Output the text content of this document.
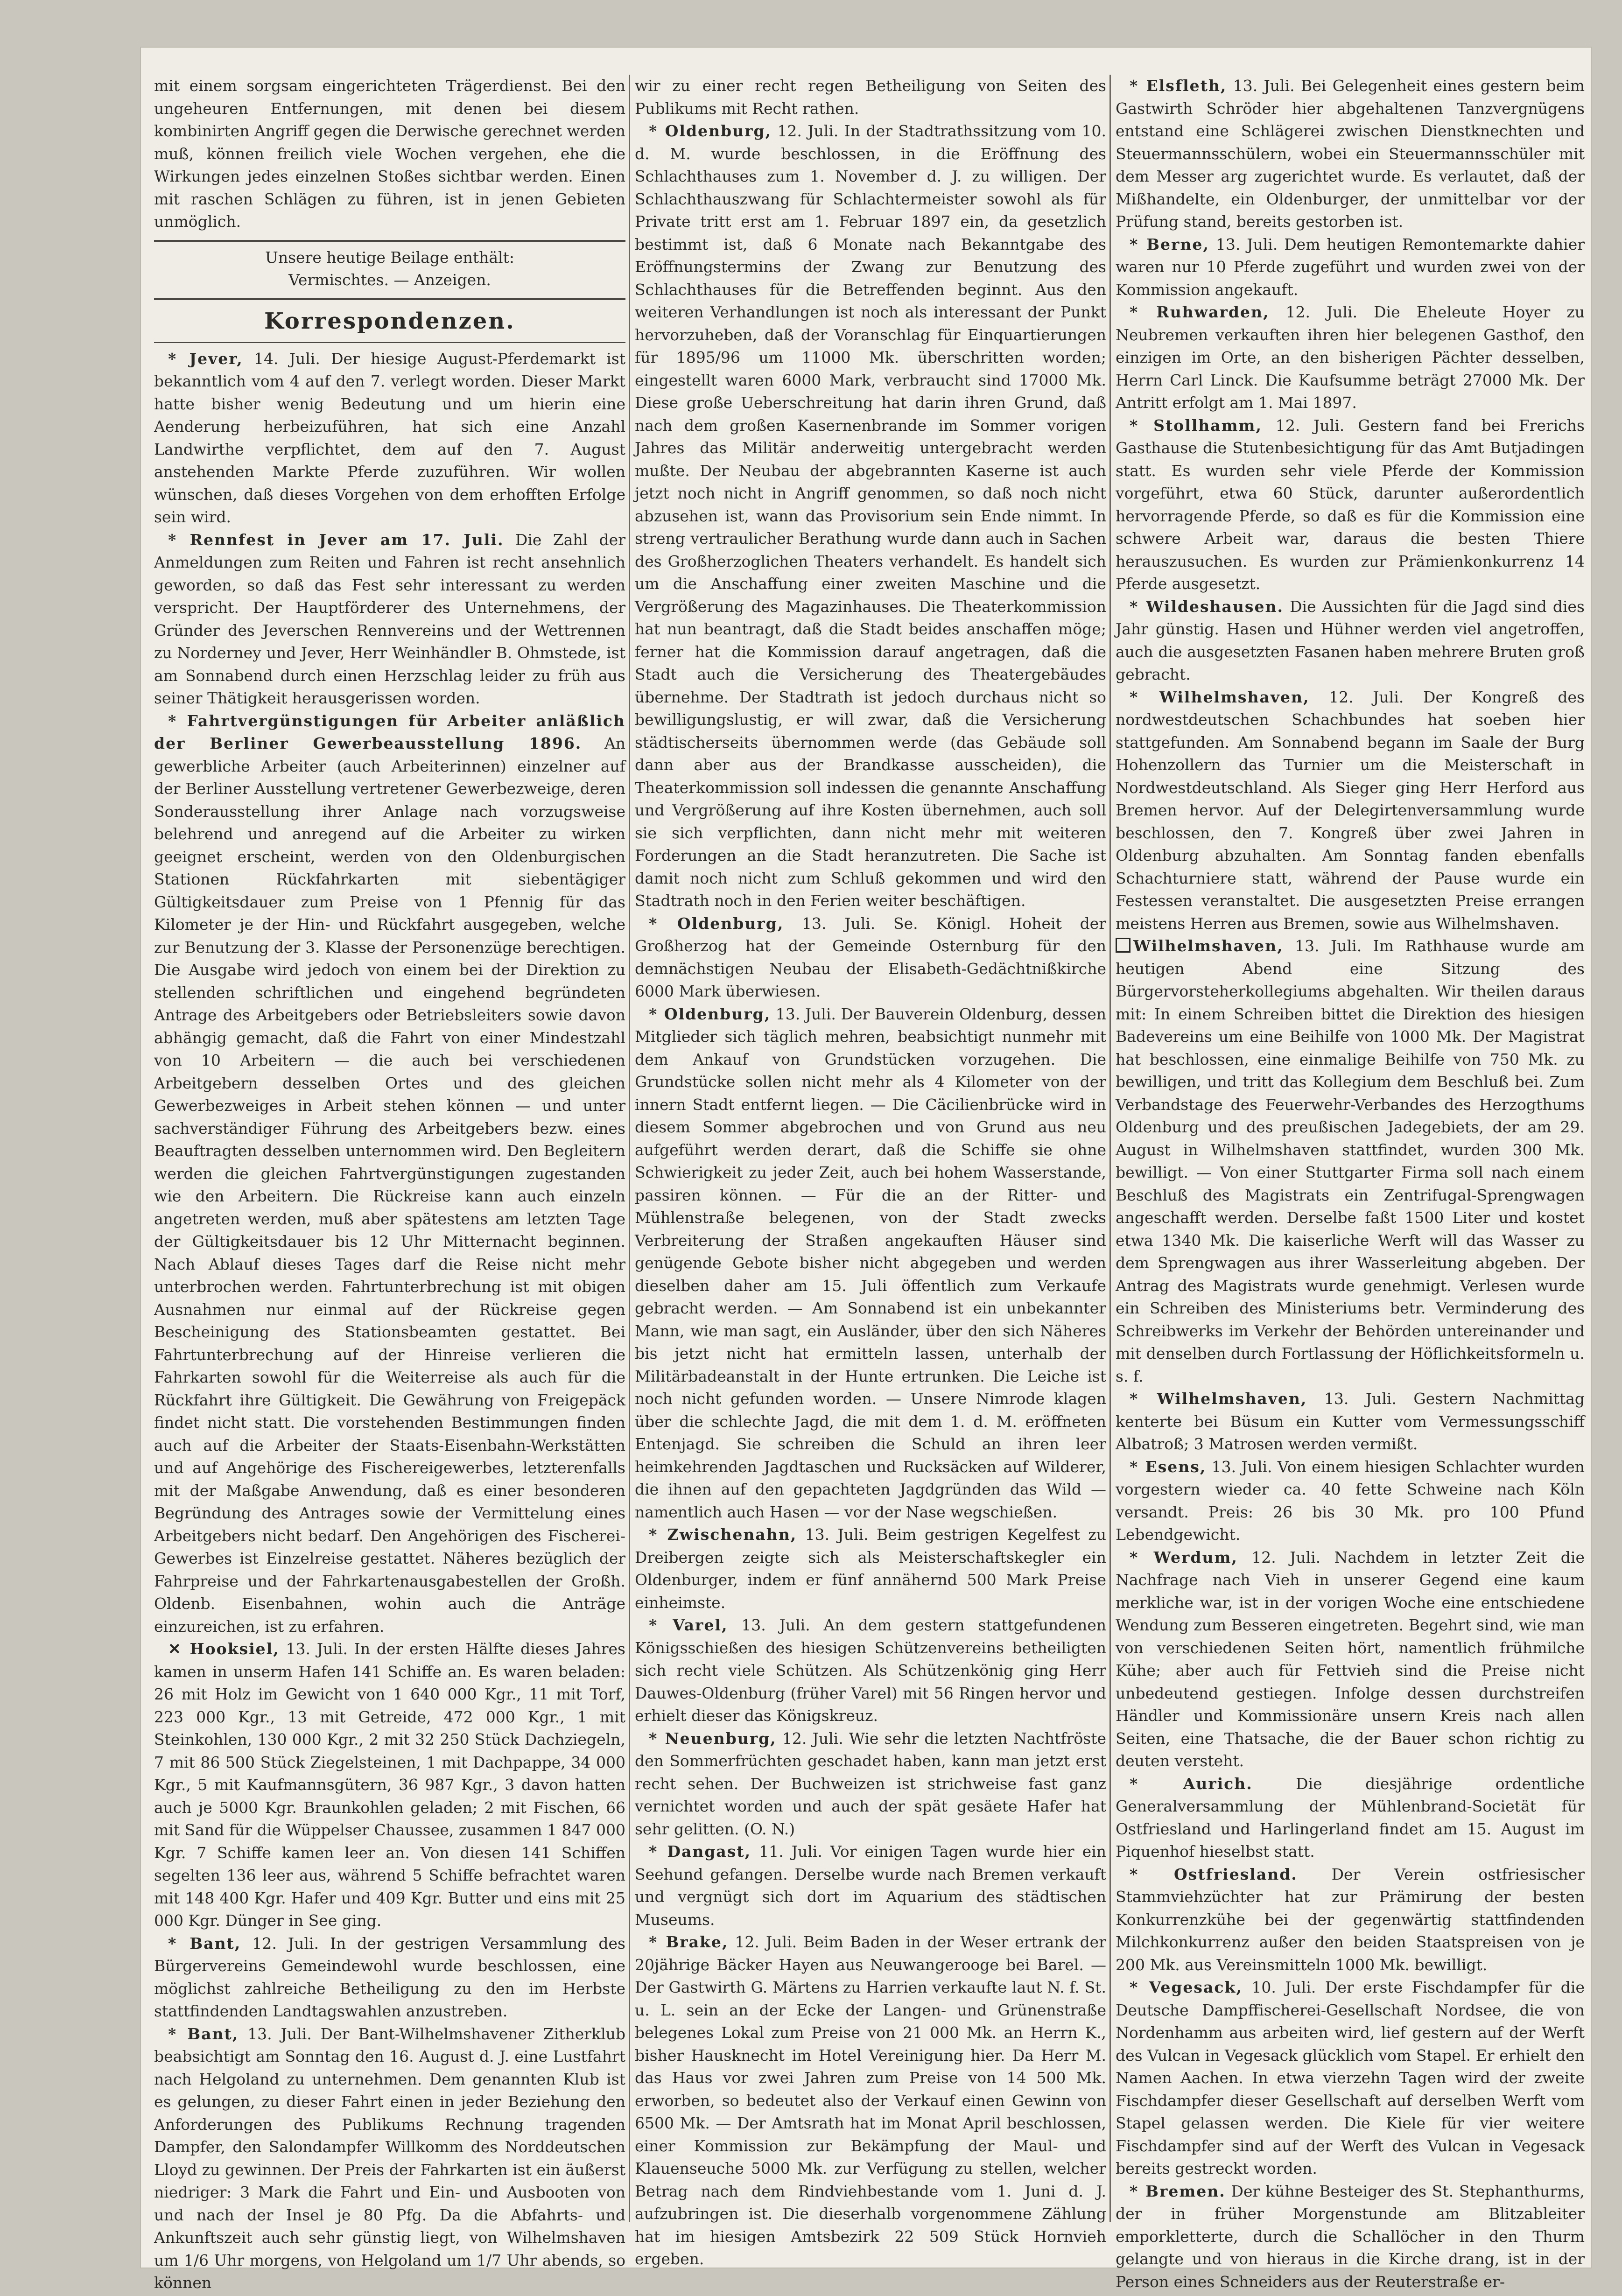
mit einem sorgsam eingerichteten Trägerdienst. Bei den ungeheuren Entfernungen, mit denen bei diesem kombinirten Angriff gegen die Derwische gerechnet werden muß, können freilich viele Wochen vergehen, ehe die Wirkungen jedes einzelnen Stoßes sichtbar werden. Einen mit raschen Schlägen zu führen, ist in jenen Gebieten unmöglich.

Unsere heutige Beilage enthält:

Vermischtes. — Anzeigen.

Korrespondenzen.

* Jever, 14. Juli. Der hiesige August-Pferdemarkt ist bekanntlich vom 4 auf den 7. verlegt worden. Dieser Markt hatte bisher wenig Bedeutung und um hierin eine Aenderung herbeizuführen, hat sich eine Anzahl Landwirthe verpflichtet, dem auf den 7. August anstehenden Markte Pferde zuzuführen. Wir wollen wünschen, daß dieses Vorgehen von dem erhofften Erfolge sein wird.

* Rennfest in Jever am 17. Juli. Die Zahl der Anmeldungen zum Reiten und Fahren ist recht ansehnlich geworden, so daß das Fest sehr interessant zu werden verspricht. Der Hauptförderer des Unternehmens, der Gründer des Jeverschen Rennvereins und der Wettrennen zu Norderney und Jever, Herr Weinhändler B. Ohmstede, ist am Sonnabend durch einen Herzschlag leider zu früh aus seiner Thätigkeit herausgerissen worden.

* Fahrtvergünstigungen für Arbeiter anläßlich der Berliner Gewerbeausstellung 1896. An gewerbliche Arbeiter (auch Arbeiterinnen) einzelner auf der Berliner Ausstellung vertretener Gewerbezweige, deren Sonderausstellung ihrer Anlage nach vorzugsweise belehrend und anregend auf die Arbeiter zu wirken geeignet erscheint, werden von den Oldenburgischen Stationen Rückfahrkarten mit siebentägiger Gültigkeitsdauer zum Preise von 1 Pfennig für das Kilometer je der Hin- und Rückfahrt ausgegeben, welche zur Benutzung der 3. Klasse der Personenzüge berechtigen. Die Ausgabe wird jedoch von einem bei der Direktion zu stellenden schriftlichen und eingehend begründeten Antrage des Arbeitgebers oder Betriebsleiters sowie davon abhängig gemacht, daß die Fahrt von einer Mindestzahl von 10 Arbeitern — die auch bei verschiedenen Arbeitgebern desselben Ortes und des gleichen Gewerbezweiges in Arbeit stehen können — und unter sachverständiger Führung des Arbeitgebers bezw. eines Beauftragten desselben unternommen wird. Den Begleitern werden die gleichen Fahrtvergünstigungen zugestanden wie den Arbeitern. Die Rückreise kann auch einzeln angetreten werden, muß aber spätestens am letzten Tage der Gültigkeitsdauer bis 12 Uhr Mitternacht beginnen. Nach Ablauf dieses Tages darf die Reise nicht mehr unterbrochen werden. Fahrtunterbrechung ist mit obigen Ausnahmen nur einmal auf der Rückreise gegen Bescheinigung des Stationsbeamten gestattet. Bei Fahrtunterbrechung auf der Hinreise verlieren die Fahrkarten sowohl für die Weiterreise als auch für die Rückfahrt ihre Gültigkeit. Die Gewährung von Freigepäck findet nicht statt. Die vorstehenden Bestimmungen finden auch auf die Arbeiter der Staats-Eisenbahn-Werkstätten und auf Angehörige des Fischereigewerbes, letzterenfalls mit der Maßgabe Anwendung, daß es einer besonderen Begründung des Antrages sowie der Vermittelung eines Arbeitgebers nicht bedarf. Den Angehörigen des Fischerei-Gewerbes ist Einzelreise gestattet. Näheres bezüglich der Fahrpreise und der Fahrkartenausgabestellen der Großh. Oldenb. Eisenbahnen, wohin auch die Anträge einzureichen, ist zu erfahren.

✕ Hooksiel, 13. Juli. In der ersten Hälfte dieses Jahres kamen in unserm Hafen 141 Schiffe an. Es waren beladen: 26 mit Holz im Gewicht von 1 640 000 Kgr., 11 mit Torf, 223 000 Kgr., 13 mit Getreide, 472 000 Kgr., 1 mit Steinkohlen, 130 000 Kgr., 2 mit 32 250 Stück Dachziegeln, 7 mit 86 500 Stück Ziegelsteinen, 1 mit Dachpappe, 34 000 Kgr., 5 mit Kaufmannsgütern, 36 987 Kgr., 3 davon hatten auch je 5000 Kgr. Braunkohlen geladen; 2 mit Fischen, 66 mit Sand für die Wüppelser Chaussee, zusammen 1 847 000 Kgr. 7 Schiffe kamen leer an. Von diesen 141 Schiffen segelten 136 leer aus, während 5 Schiffe befrachtet waren mit 148 400 Kgr. Hafer und 409 Kgr. Butter und eins mit 25 000 Kgr. Dünger in See ging.

* Bant, 12. Juli. In der gestrigen Versammlung des Bürgervereins Gemeindewohl wurde beschlossen, eine möglichst zahlreiche Betheiligung zu den im Herbste stattfindenden Landtagswahlen anzustreben.

* Bant, 13. Juli. Der Bant-Wilhelmshavener Zitherklub beabsichtigt am Sonntag den 16. August d. J. eine Lustfahrt nach Helgoland zu unternehmen. Dem genannten Klub ist es gelungen, zu dieser Fahrt einen in jeder Beziehung den Anforderungen des Publikums Rechnung tragenden Dampfer, den Salondampfer Willkomm des Norddeutschen Lloyd zu gewinnen. Der Preis der Fahrkarten ist ein äußerst niedriger: 3 Mark die Fahrt und Ein- und Ausbooten von und nach der Insel je 80 Pfg. Da die Abfahrts- und Ankunftszeit auch sehr günstig liegt, von Wilhelmshaven um 1/6 Uhr morgens, von Helgoland um 1/7 Uhr abends, so können

wir zu einer recht regen Betheiligung von Seiten des Publikums mit Recht rathen.

* Oldenburg, 12. Juli. In der Stadtrathssitzung vom 10. d. M. wurde beschlossen, in die Eröffnung des Schlachthauses zum 1. November d. J. zu willigen. Der Schlachthauszwang für Schlachtermeister sowohl als für Private tritt erst am 1. Februar 1897 ein, da gesetzlich bestimmt ist, daß 6 Monate nach Bekanntgabe des Eröffnungstermins der Zwang zur Benutzung des Schlachthauses für die Betreffenden beginnt. Aus den weiteren Verhandlungen ist noch als interessant der Punkt hervorzuheben, daß der Voranschlag für Einquartierungen für 1895/96 um 11000 Mk. überschritten worden; eingestellt waren 6000 Mark, verbraucht sind 17000 Mk. Diese große Ueberschreitung hat darin ihren Grund, daß nach dem großen Kasernenbrande im Sommer vorigen Jahres das Militär anderweitig untergebracht werden mußte. Der Neubau der abgebrannten Kaserne ist auch jetzt noch nicht in Angriff genommen, so daß noch nicht abzusehen ist, wann das Provisorium sein Ende nimmt. In streng vertraulicher Berathung wurde dann auch in Sachen des Großherzoglichen Theaters verhandelt. Es handelt sich um die Anschaffung einer zweiten Maschine und die Vergrößerung des Magazinhauses. Die Theaterkommission hat nun beantragt, daß die Stadt beides anschaffen möge; ferner hat die Kommission darauf angetragen, daß die Stadt auch die Versicherung des Theatergebäudes übernehme. Der Stadtrath ist jedoch durchaus nicht so bewilligungslustig, er will zwar, daß die Versicherung städtischerseits übernommen werde (das Gebäude soll dann aber aus der Brandkasse ausscheiden), die Theaterkommission soll indessen die genannte Anschaffung und Vergrößerung auf ihre Kosten übernehmen, auch soll sie sich verpflichten, dann nicht mehr mit weiteren Forderungen an die Stadt heranzutreten. Die Sache ist damit noch nicht zum Schluß gekommen und wird den Stadtrath noch in den Ferien weiter beschäftigen.

* Oldenburg, 13. Juli. Se. Königl. Hoheit der Großherzog hat der Gemeinde Osternburg für den demnächstigen Neubau der Elisabeth-Gedächtnißkirche 6000 Mark überwiesen.

* Oldenburg, 13. Juli. Der Bauverein Oldenburg, dessen Mitglieder sich täglich mehren, beabsichtigt nunmehr mit dem Ankauf von Grundstücken vorzugehen. Die Grundstücke sollen nicht mehr als 4 Kilometer von der innern Stadt entfernt liegen. — Die Cäcilienbrücke wird in diesem Sommer abgebrochen und von Grund aus neu aufgeführt werden derart, daß die Schiffe sie ohne Schwierigkeit zu jeder Zeit, auch bei hohem Wasserstande, passiren können. — Für die an der Ritter- und Mühlenstraße belegenen, von der Stadt zwecks Verbreiterung der Straßen angekauften Häuser sind genügende Gebote bisher nicht abgegeben und werden dieselben daher am 15. Juli öffentlich zum Verkaufe gebracht werden. — Am Sonnabend ist ein unbekannter Mann, wie man sagt, ein Ausländer, über den sich Näheres bis jetzt nicht hat ermitteln lassen, unterhalb der Militärbadeanstalt in der Hunte ertrunken. Die Leiche ist noch nicht gefunden worden. — Unsere Nimrode klagen über die schlechte Jagd, die mit dem 1. d. M. eröffneten Entenjagd. Sie schreiben die Schuld an ihren leer heimkehrenden Jagdtaschen und Rucksäcken auf Wilderer, die ihnen auf den gepachteten Jagdgründen das Wild — namentlich auch Hasen — vor der Nase wegschießen.

* Zwischenahn, 13. Juli. Beim gestrigen Kegelfest zu Dreibergen zeigte sich als Meisterschaftskegler ein Oldenburger, indem er fünf annähernd 500 Mark Preise einheimste.

* Varel, 13. Juli. An dem gestern stattgefundenen Königsschießen des hiesigen Schützenvereins betheiligten sich recht viele Schützen. Als Schützenkönig ging Herr Dauwes-Oldenburg (früher Varel) mit 56 Ringen hervor und erhielt dieser das Königskreuz.

* Neuenburg, 12. Juli. Wie sehr die letzten Nachtfröste den Sommerfrüchten geschadet haben, kann man jetzt erst recht sehen. Der Buchweizen ist strichweise fast ganz vernichtet worden und auch der spät gesäete Hafer hat sehr gelitten. (O. N.)

* Dangast, 11. Juli. Vor einigen Tagen wurde hier ein Seehund gefangen. Derselbe wurde nach Bremen verkauft und vergnügt sich dort im Aquarium des städtischen Museums.

* Brake, 12. Juli. Beim Baden in der Weser ertrank der 20jährige Bäcker Hayen aus Neuwangerooge bei Barel. — Der Gastwirth G. Märtens zu Harrien verkaufte laut N. f. St. u. L. sein an der Ecke der Langen- und Grünenstraße belegenes Lokal zum Preise von 21 000 Mk. an Herrn K., bisher Hausknecht im Hotel Vereinigung hier. Da Herr M. das Haus vor zwei Jahren zum Preise von 14 500 Mk. erworben, so bedeutet also der Verkauf einen Gewinn von 6500 Mk. — Der Amtsrath hat im Monat April beschlossen, einer Kommission zur Bekämpfung der Maul- und Klauenseuche 5000 Mk. zur Verfügung zu stellen, welcher Betrag nach dem Rindviehbestande vom 1. Juni d. J. aufzubringen ist. Die dieserhalb vorgenommene Zählung hat im hiesigen Amtsbezirk 22 509 Stück Hornvieh ergeben.

* Elsfleth, 13. Juli. Bei Gelegenheit eines gestern beim Gastwirth Schröder hier abgehaltenen Tanzvergnügens entstand eine Schlägerei zwischen Dienstknechten und Steuermannsschülern, wobei ein Steuermannsschüler mit dem Messer arg zugerichtet wurde. Es verlautet, daß der Mißhandelte, ein Oldenburger, der unmittelbar vor der Prüfung stand, bereits gestorben ist.

* Berne, 13. Juli. Dem heutigen Remontemarkte dahier waren nur 10 Pferde zugeführt und wurden zwei von der Kommission angekauft.

* Ruhwarden, 12. Juli. Die Eheleute Hoyer zu Neubremen verkauften ihren hier belegenen Gasthof, den einzigen im Orte, an den bisherigen Pächter desselben, Herrn Carl Linck. Die Kaufsumme beträgt 27000 Mk. Der Antritt erfolgt am 1. Mai 1897.

* Stollhamm, 12. Juli. Gestern fand bei Frerichs Gasthause die Stutenbesichtigung für das Amt Butjadingen statt. Es wurden sehr viele Pferde der Kommission vorgeführt, etwa 60 Stück, darunter außerordentlich hervorragende Pferde, so daß es für die Kommission eine schwere Arbeit war, daraus die besten Thiere herauszusuchen. Es wurden zur Prämienkonkurrenz 14 Pferde ausgesetzt.

* Wildeshausen. Die Aussichten für die Jagd sind dies Jahr günstig. Hasen und Hühner werden viel angetroffen, auch die ausgesetzten Fasanen haben mehrere Bruten groß gebracht.

* Wilhelmshaven, 12. Juli. Der Kongreß des nordwestdeutschen Schachbundes hat soeben hier stattgefunden. Am Sonnabend begann im Saale der Burg Hohenzollern das Turnier um die Meisterschaft in Nordwestdeutschland. Als Sieger ging Herr Herford aus Bremen hervor. Auf der Delegirtenversammlung wurde beschlossen, den 7. Kongreß über zwei Jahren in Oldenburg abzuhalten. Am Sonntag fanden ebenfalls Schachturniere statt, während der Pause wurde ein Festessen veranstaltet. Die ausgesetzten Preise errangen meistens Herren aus Bremen, sowie aus Wilhelmshaven.

Wilhelmshaven, 13. Juli. Im Rathhause wurde am heutigen Abend eine Sitzung des Bürgervorsteherkollegiums abgehalten. Wir theilen daraus mit: In einem Schreiben bittet die Direktion des hiesigen Badevereins um eine Beihilfe von 1000 Mk. Der Magistrat hat beschlossen, eine einmalige Beihilfe von 750 Mk. zu bewilligen, und tritt das Kollegium dem Beschluß bei. Zum Verbandstage des Feuerwehr-Verbandes des Herzogthums Oldenburg und des preußischen Jadegebiets, der am 29. August in Wilhelmshaven stattfindet, wurden 300 Mk. bewilligt. — Von einer Stuttgarter Firma soll nach einem Beschluß des Magistrats ein Zentrifugal-Sprengwagen angeschafft werden. Derselbe faßt 1500 Liter und kostet etwa 1340 Mk. Die kaiserliche Werft will das Wasser zu dem Sprengwagen aus ihrer Wasserleitung abgeben. Der Antrag des Magistrats wurde genehmigt. Verlesen wurde ein Schreiben des Ministeriums betr. Verminderung des Schreibwerks im Verkehr der Behörden untereinander und mit denselben durch Fortlassung der Höflichkeitsformeln u. s. f.

* Wilhelmshaven, 13. Juli. Gestern Nachmittag kenterte bei Büsum ein Kutter vom Vermessungsschiff Albatroß; 3 Matrosen werden vermißt.

* Esens, 13. Juli. Von einem hiesigen Schlachter wurden vorgestern wieder ca. 40 fette Schweine nach Köln versandt. Preis: 26 bis 30 Mk. pro 100 Pfund Lebendgewicht.

* Werdum, 12. Juli. Nachdem in letzter Zeit die Nachfrage nach Vieh in unserer Gegend eine kaum merkliche war, ist in der vorigen Woche eine entschiedene Wendung zum Besseren eingetreten. Begehrt sind, wie man von verschiedenen Seiten hört, namentlich frühmilche Kühe; aber auch für Fettvieh sind die Preise nicht unbedeutend gestiegen. Infolge dessen durchstreifen Händler und Kommissionäre unsern Kreis nach allen Seiten, eine Thatsache, die der Bauer schon richtig zu deuten versteht.

* Aurich.	Die diesjährige ordentliche Generalversammlung der Mühlenbrand-Societät für Ostfriesland und Harlingerland findet am 15. August im Piquenhof hieselbst statt.

* Ostfriesland. Der Verein ostfriesischer Stammviehzüchter hat zur Prämirung der besten Konkurrenzkühe bei der gegenwärtig stattfindenden Milchkonkurrenz außer den beiden Staatspreisen von je 200 Mk. aus Vereinsmitteln 1000 Mk. bewilligt.

* Vegesack, 10. Juli. Der erste Fischdampfer für die Deutsche Dampffischerei-Gesellschaft Nordsee, die von Nordenhamm aus arbeiten wird, lief gestern auf der Werft des Vulcan in Vegesack glücklich vom Stapel. Er erhielt den Namen Aachen. In etwa vierzehn Tagen wird der zweite Fischdampfer dieser Gesellschaft auf derselben Werft vom Stapel gelassen werden. Die Kiele für vier weitere Fischdampfer sind auf der Werft des Vulcan in Vegesack bereits gestreckt worden.

* Bremen. Der kühne Besteiger des St. Stephanthurms, der in früher Morgenstunde am Blitzableiter emporkletterte, durch die Schallöcher in den Thurm gelangte und von hieraus in die Kirche drang, ist in der Person eines Schneiders aus der Reuterstraße er-
